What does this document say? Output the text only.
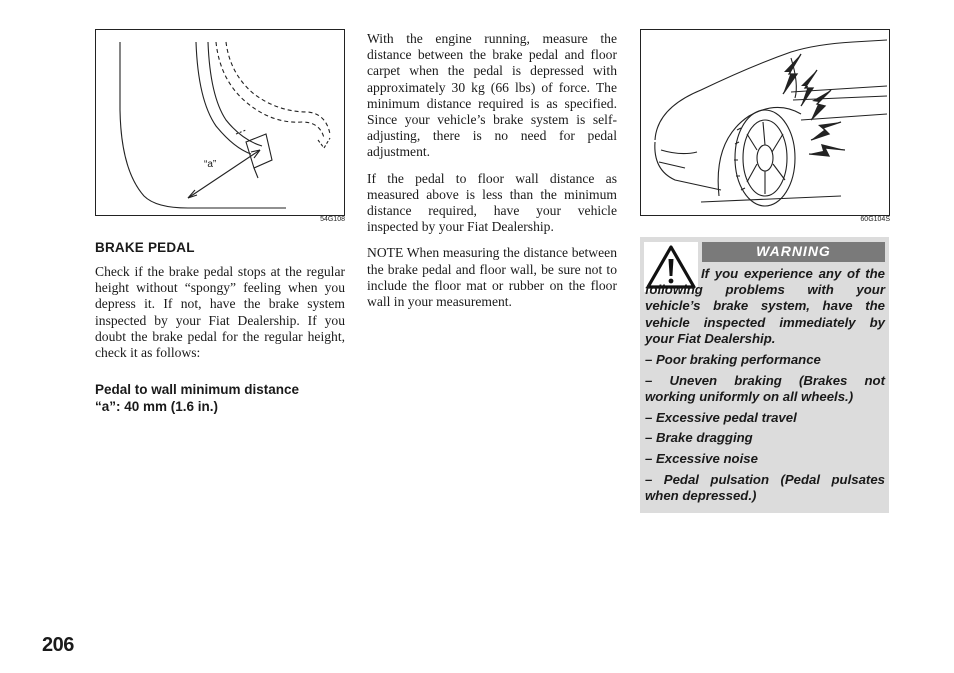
“a”
54G108
BRAKE PEDAL

Check if the brake pedal stops at the regular height without “spongy” feeling when you depress it. If not, have the brake system inspected by your Fiat Dealership. If you doubt the brake pedal for the regular height, check it as follows:

Pedal to wall minimum distance
“a”: 40 mm (1.6 in.)

With the engine running, measure the distance between the brake pedal and floor carpet when the pedal is depressed with approximately 30 kg (66 lbs) of force. The minimum distance required is as specified. Since your vehicle’s brake system is self-adjusting, there is no need for pedal adjustment.

If the pedal to floor wall distance as measured above is less than the minimum distance required, have your vehicle inspected by your Fiat Dealership.

NOTE When measuring the distance between the brake pedal and floor wall, be sure not to include the floor mat or rubber on the floor wall in your measurement.

60G104S
WARNING
If you experience any of the following problems with your vehicle’s brake system, have the vehicle inspected immediately by your Fiat Dealership.
– Poor braking performance
– Uneven braking (Brakes not working uniformly on all wheels.)
– Excessive pedal travel
– Brake dragging
– Excessive noise
– Pedal pulsation (Pedal pulsates when depressed.)
206
